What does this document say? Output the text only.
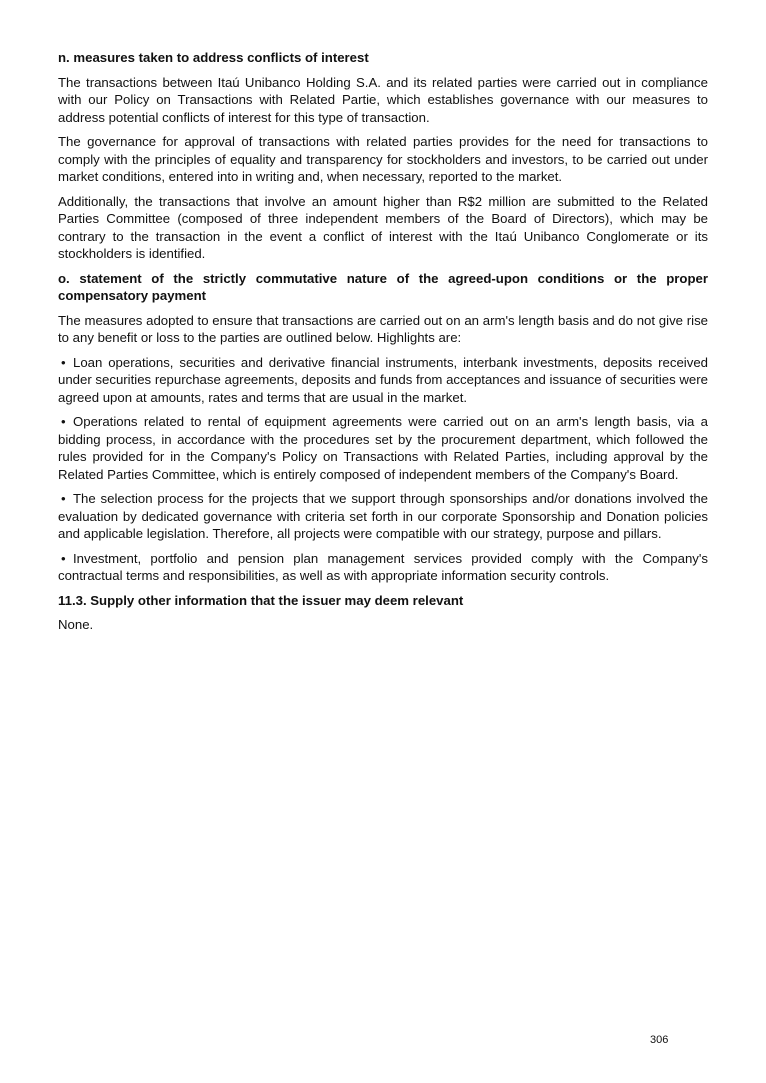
n. measures taken to address conflicts of interest

The transactions between Itaú Unibanco Holding S.A. and its related parties were carried out in compliance with our Policy on Transactions with Related Partie, which establishes governance with our measures to address potential conflicts of interest for this type of transaction.

The governance for approval of transactions with related parties provides for the need for transactions to comply with the principles of equality and transparency for stockholders and investors, to be carried out under market conditions, entered into in writing and, when necessary, reported to the market.

Additionally, the transactions that involve an amount higher than R$2 million are submitted to the Related Parties Committee (composed of three independent members of the Board of Directors), which may be contrary to the transaction in the event a conflict of interest with the Itaú Unibanco Conglomerate or its stockholders is identified.

o. statement of the strictly commutative nature of the agreed-upon conditions or the proper compensatory payment

The measures adopted to ensure that transactions are carried out on an arm's length basis and do not give rise to any benefit or loss to the parties are outlined below. Highlights are:

• Loan operations, securities and derivative financial instruments, interbank investments, deposits received under securities repurchase agreements, deposits and funds from acceptances and issuance of securities were agreed upon at amounts, rates and terms that are usual in the market.

• Operations related to rental of equipment agreements were carried out on an arm's length basis, via a bidding process, in accordance with the procedures set by the procurement department, which followed the rules provided for in the Company's Policy on Transactions with Related Parties, including approval by the Related Parties Committee, which is entirely composed of independent members of the Company's Board.

• The selection process for the projects that we support through sponsorships and/or donations involved the evaluation by dedicated governance with criteria set forth in our corporate Sponsorship and Donation policies and applicable legislation. Therefore, all projects were compatible with our strategy, purpose and pillars.

• Investment, portfolio and pension plan management services provided comply with the Company's contractual terms and responsibilities, as well as with appropriate information security controls.

11.3. Supply other information that the issuer may deem relevant

None.

306
